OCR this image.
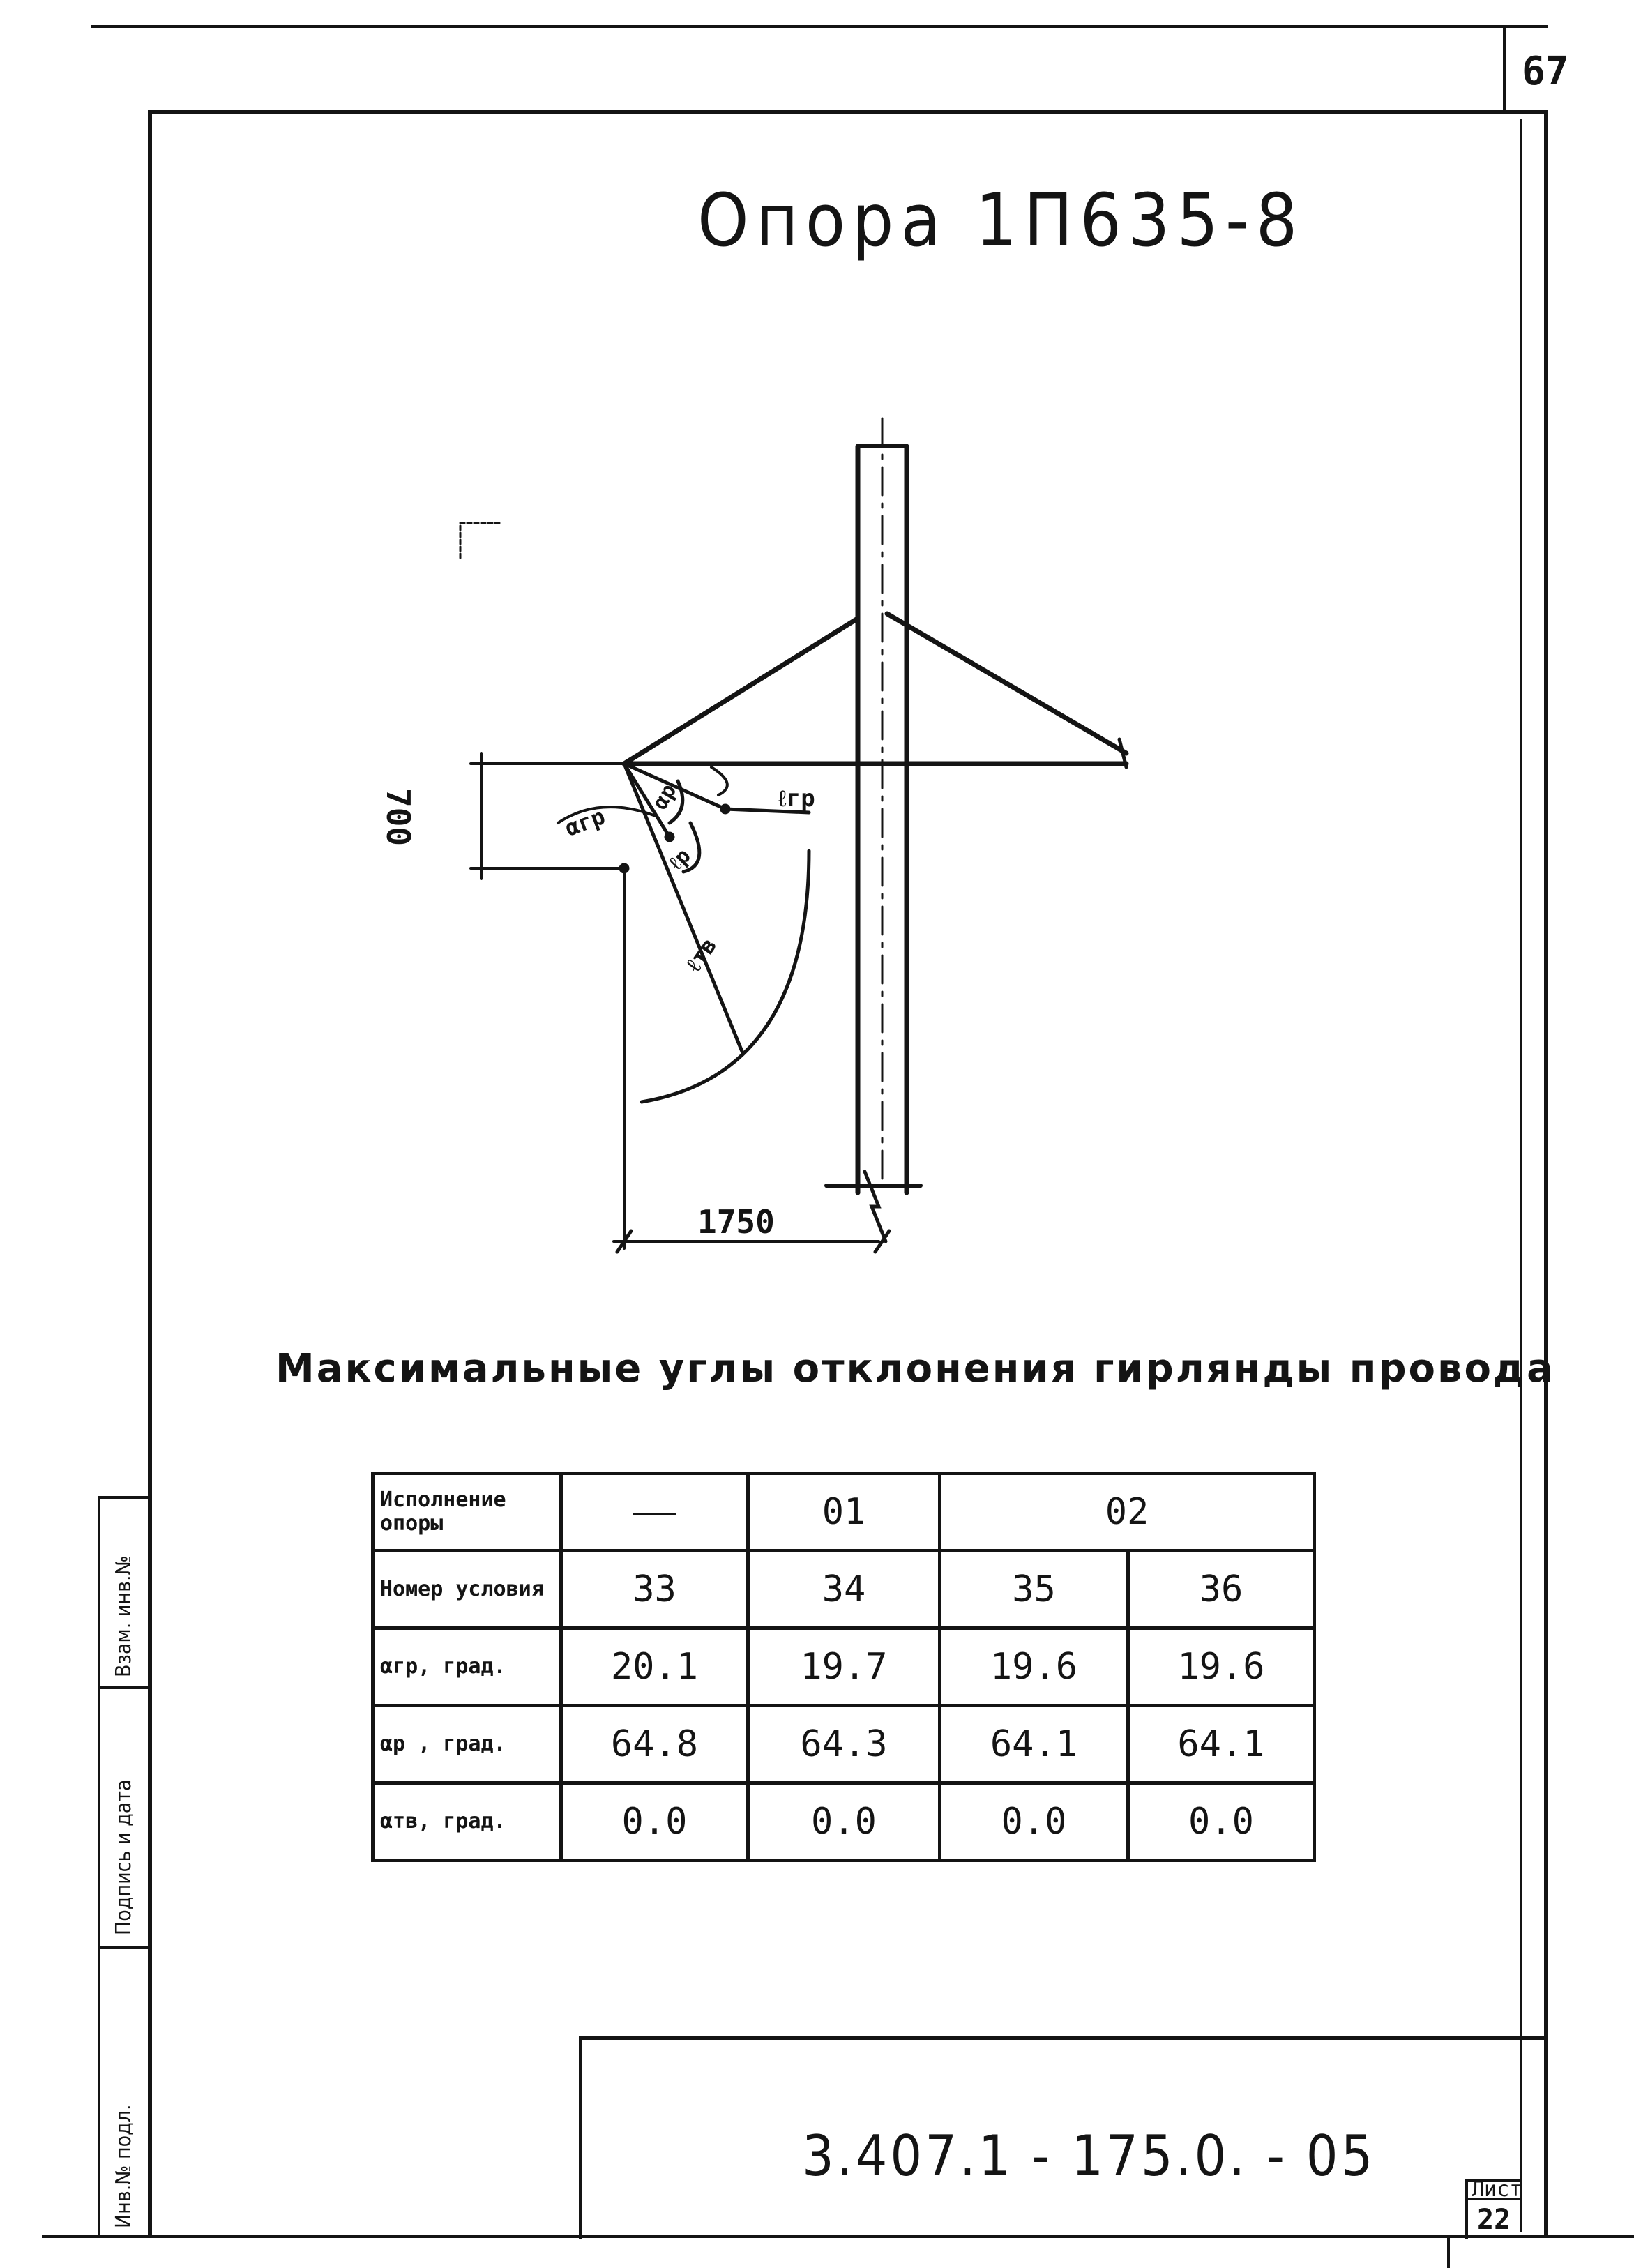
67
Опора 1П635-8
700
1750
ℓгр
αгр
αр
ℓр
ℓтв
Максимальные углы отклонения гирлянды провода
Исполнение опоры	——	01	02	
Номер условия	33	34	35	36
αгр, град.	20.1	19.7	19.6	19.6
αр , град.	64.8	64.3	64.1	64.1
αтв, град.	0.0	0.0	0.0	0.0
Инв.№ подл.
Подпись и дата
Взам. инв.№
3.407.1 - 175.0. - 05
Лист
22
